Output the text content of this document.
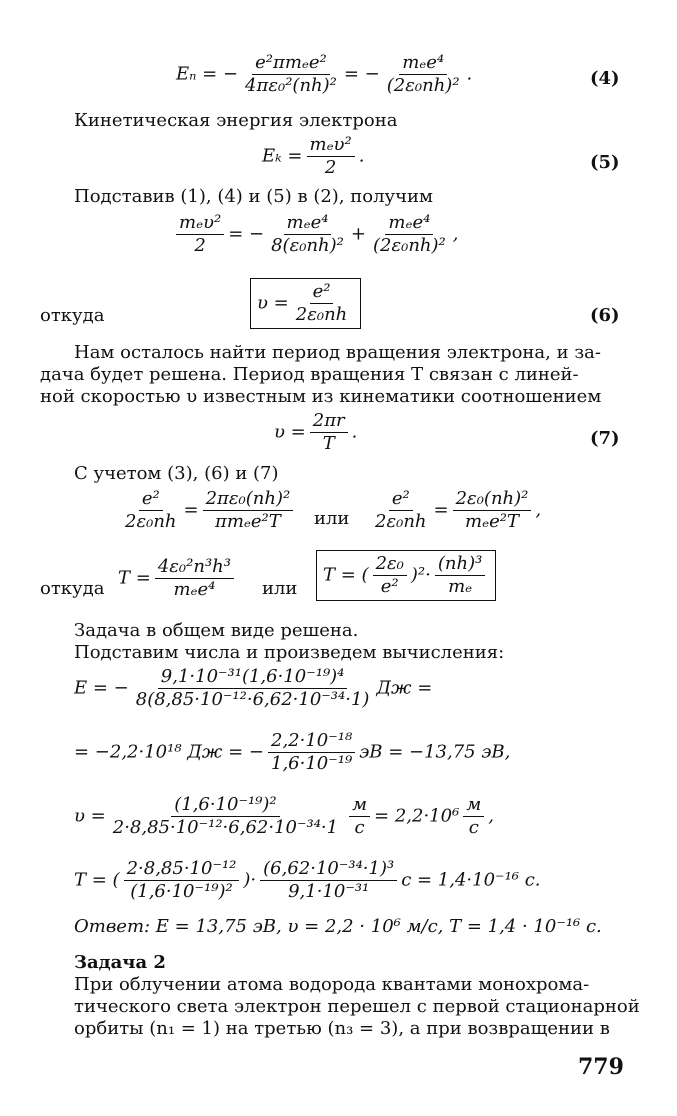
Eₙ = − $\frac{\text{e²πmₑe²}}{\text{4πε₀²(nh)²}}$ = − $\frac{\text{mₑe⁴}}{\text{(2ε₀nh)²}}$ .	(4)
Кинетическая энергия электрона
$E_k = \frac{\text{mₑυ²}}{2}$ .	(5)
Подставив (1), (4) и (5) в (2), получим
$\frac{\text{mₑυ²}}{2}$ = − $\frac{\text{mₑe⁴}}{\text{8(ε₀nh)²}} + \frac{\text{mₑe⁴}}{\text{(2ε₀nh)²}}$ ,
откуда
$\upsilon = \frac{\text{e²}}{\text{2ε₀nh}}$	(6)
Нам осталось найти период вращения электрона, и за-
дача будет решена. Период вращения T связан с линей-
ной скоростью υ известным из кинематики соотношением
$\upsilon = \frac{2\pi r}{T}$ .	(7)
С учетом (3), (6) и (7)
$\frac{\text{e²}}{\text{2ε₀nh}} = \frac{\text{2πε₀(nh)²}}{\text{πmₑe²T}}$ или $\frac{\text{e²}}{\text{2ε₀nh}} = \frac{\text{2ε₀(nh)²}}{\text{mₑe²T}}$ ,
откуда $T = \frac{\text{4ε₀²n³h³}}{\text{mₑe⁴}}$ или
T = ( $\frac{\text{2ε₀}}{\text{e²}} )^2\cdot \frac{\text{(nh)³}}{\text{mₑ}}$
Задача в общем виде решена.
Подставим числа и произведем вычисления:
E = − $\frac{\text{9,1·10⁻³¹(1,6·10⁻¹⁹)⁴}}{\text{8(8,85·10⁻¹²·6,62·10⁻³⁴·1)}}$ Дж =
= −2,2·10¹⁸ Дж = − $\frac{\text{2,2·10⁻¹⁸}}{\text{1,6·10⁻¹⁹}}$ эВ = −13,75 эВ,
$\upsilon = \frac{\text{(1,6·10⁻¹⁹)²}}{\text{2·8,85·10⁻¹²·6,62·10⁻³⁴·1}} \frac{м}{с} = 2,2\cdot 10^6 \frac{м}{с}$ ,
T = ( $\frac{\text{2·8,85·10⁻¹²}}{\text{(1,6·10⁻¹⁹)²}}$ )· $\frac{\text{(6,62·10⁻³⁴·1)³}}{\text{9,1·10⁻³¹}}$ с = 1,4·10⁻¹⁶ с.
Ответ: E = 13,75 эВ, υ = 2,2 · 10⁶ м/с, T = 1,4 · 10⁻¹⁶ с.
Задача 2
При облучении атома водорода квантами монохрома-
тического света электрон перешел с первой стационарной
орбиты (n₁ = 1) на третью (n₃ = 3), а при возвращении в
779
